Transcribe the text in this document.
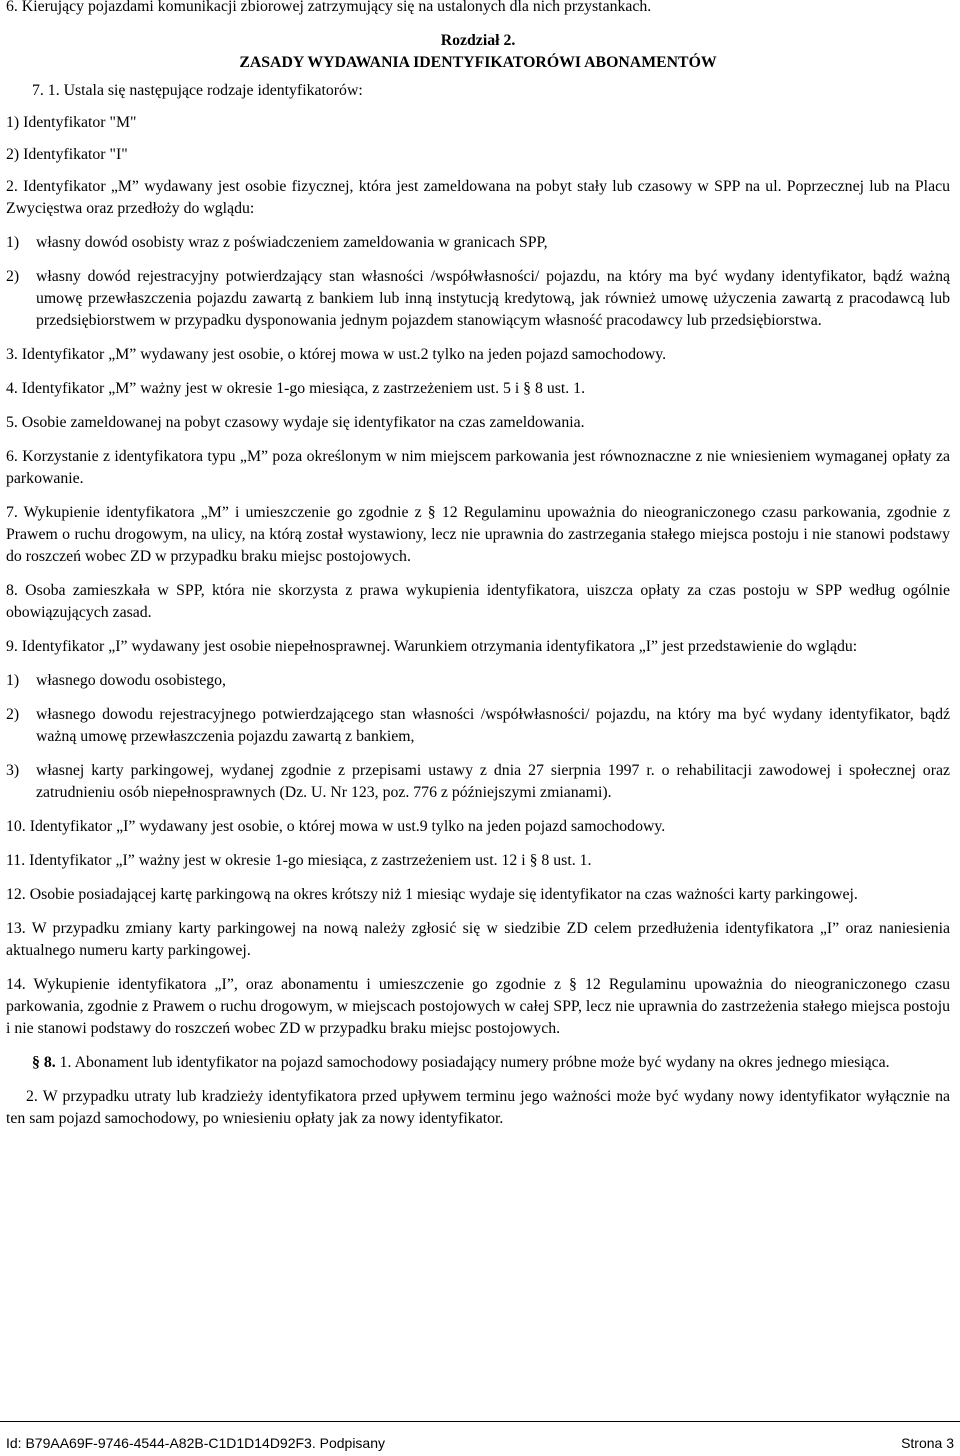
6. Kierujący pojazdami komunikacji zbiorowej zatrzymujący się na ustalonych dla nich przystankach.

Rozdział 2.

ZASADY WYDAWANIA IDENTYFIKATORÓWI ABONAMENTÓW

7. 1. Ustala się następujące rodzaje identyfikatorów:

1) Identyfikator "M"

2) Identyfikator "I"

2. Identyfikator „M” wydawany jest osobie fizycznej, która jest zameldowana na pobyt stały lub czasowy w SPP na ul. Poprzecznej lub na Placu Zwycięstwa oraz przedłoży do wglądu:

1)	własny dowód osobisty wraz z poświadczeniem zameldowania w granicach SPP,
2)	własny dowód rejestracyjny potwierdzający stan własności /współwłasności/ pojazdu, na który ma być wydany identyfikator, bądź ważną umowę przewłaszczenia pojazdu zawartą z bankiem lub inną instytucją kredytową, jak również umowę użyczenia zawartą z pracodawcą lub przedsiębiorstwem w przypadku dysponowania jednym pojazdem stanowiącym własność pracodawcy lub przedsiębiorstwa.

3. Identyfikator „M” wydawany jest osobie, o której mowa w ust.2 tylko na jeden pojazd samochodowy.

4. Identyfikator „M” ważny jest w okresie 1-go miesiąca, z zastrzeżeniem ust. 5 i § 8 ust. 1.

5. Osobie zameldowanej na pobyt czasowy wydaje się identyfikator na czas zameldowania.

6. Korzystanie z identyfikatora typu „M” poza określonym w nim miejscem parkowania jest równoznaczne z nie wniesieniem wymaganej opłaty za parkowanie.

7. Wykupienie identyfikatora „M” i umieszczenie go zgodnie z § 12 Regulaminu upoważnia do nieograniczonego czasu parkowania, zgodnie z Prawem o ruchu drogowym, na ulicy, na którą został wystawiony, lecz nie uprawnia do zastrzegania stałego miejsca postoju i nie stanowi podstawy do roszczeń wobec ZD w przypadku braku miejsc postojowych.

8. Osoba zamieszkała w SPP, która nie skorzysta z prawa wykupienia identyfikatora, uiszcza opłaty za czas postoju w SPP według ogólnie obowiązujących zasad.

9. Identyfikator „I” wydawany jest osobie niepełnosprawnej. Warunkiem otrzymania identyfikatora „I” jest przedstawienie do wglądu:

1)	własnego dowodu osobistego,
2)	własnego dowodu rejestracyjnego potwierdzającego stan własności /współwłasności/ pojazdu, na który ma być wydany identyfikator, bądź ważną umowę przewłaszczenia pojazdu zawartą z bankiem,
3)	własnej karty parkingowej, wydanej zgodnie z przepisami ustawy z dnia 27 sierpnia 1997 r. o rehabilitacji zawodowej i społecznej oraz zatrudnieniu osób niepełnosprawnych (Dz. U. Nr 123, poz. 776 z późniejszymi zmianami).

10. Identyfikator „I” wydawany jest osobie, o której mowa w ust.9 tylko na jeden pojazd samochodowy.

11. Identyfikator „I” ważny jest w okresie 1-go miesiąca, z zastrzeżeniem ust. 12 i § 8 ust. 1.

12. Osobie posiadającej kartę parkingową na okres krótszy niż 1 miesiąc wydaje się identyfikator na czas ważności karty parkingowej.

13. W przypadku zmiany karty parkingowej na nową należy zgłosić się w siedzibie ZD celem przedłużenia identyfikatora „I” oraz naniesienia aktualnego numeru karty parkingowej.

14. Wykupienie identyfikatora „I”, oraz abonamentu i umieszczenie go zgodnie z § 12 Regulaminu upoważnia do nieograniczonego czasu parkowania, zgodnie z Prawem o ruchu drogowym, w miejscach postojowych w całej SPP, lecz nie uprawnia do zastrzeżenia stałego miejsca postoju i nie stanowi podstawy do roszczeń wobec ZD w przypadku braku miejsc postojowych.

§ 8. 1. Abonament lub identyfikator na pojazd samochodowy posiadający numery próbne może być wydany na okres jednego miesiąca.

2. W przypadku utraty lub kradzieży identyfikatora przed upływem terminu jego ważności może być wydany nowy identyfikator wyłącznie na ten sam pojazd samochodowy, po wniesieniu opłaty jak za nowy identyfikator.

Id: B79AA69F-9746-4544-A82B-C1D1D14D92F3. Podpisany	Strona 3
